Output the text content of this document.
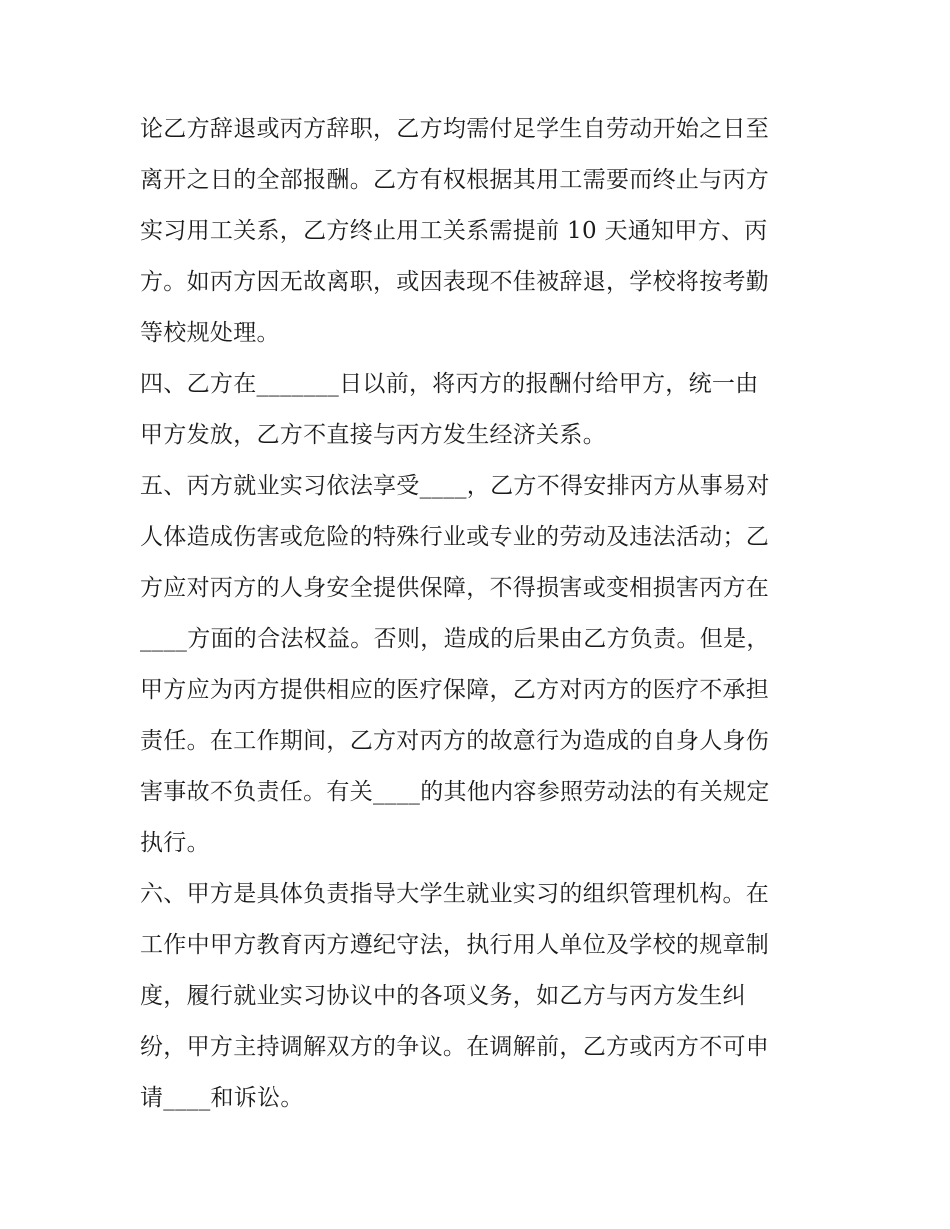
论乙方辞退或丙方辞职，乙方均需付足学生自劳动开始之日至
离开之日的全部报酬。乙方有权根据其用工需要而终止与丙方
实习用工关系，乙方终止用工关系需提前 10 天通知甲方、丙
方。如丙方因无故离职，或因表现不佳被辞退，学校将按考勤
等校规处理。
四、乙方在_______日以前，将丙方的报酬付给甲方，统一由
甲方发放，乙方不直接与丙方发生经济关系。
五、丙方就业实习依法享受____，乙方不得安排丙方从事易对
人体造成伤害或危险的特殊行业或专业的劳动及违法活动；乙
方应对丙方的人身安全提供保障，不得损害或变相损害丙方在
____方面的合法权益。否则，造成的后果由乙方负责。但是，
甲方应为丙方提供相应的医疗保障，乙方对丙方的医疗不承担
责任。在工作期间，乙方对丙方的故意行为造成的自身人身伤
害事故不负责任。有关____的其他内容参照劳动法的有关规定
执行。
六、甲方是具体负责指导大学生就业实习的组织管理机构。在
工作中甲方教育丙方遵纪守法，执行用人单位及学校的规章制
度，履行就业实习协议中的各项义务，如乙方与丙方发生纠
纷，甲方主持调解双方的争议。在调解前，乙方或丙方不可申
请____和诉讼。
